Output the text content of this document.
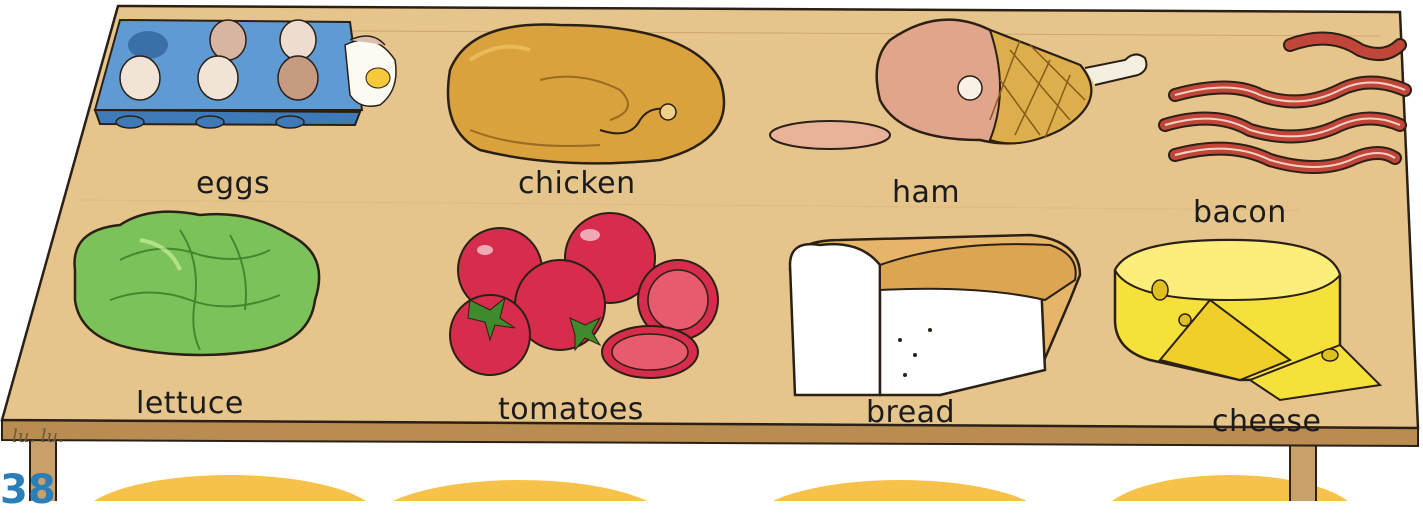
eggs	chicken	ham
bacon
lettuce	tomatoes	bread	cheese
lu. lu.
38
